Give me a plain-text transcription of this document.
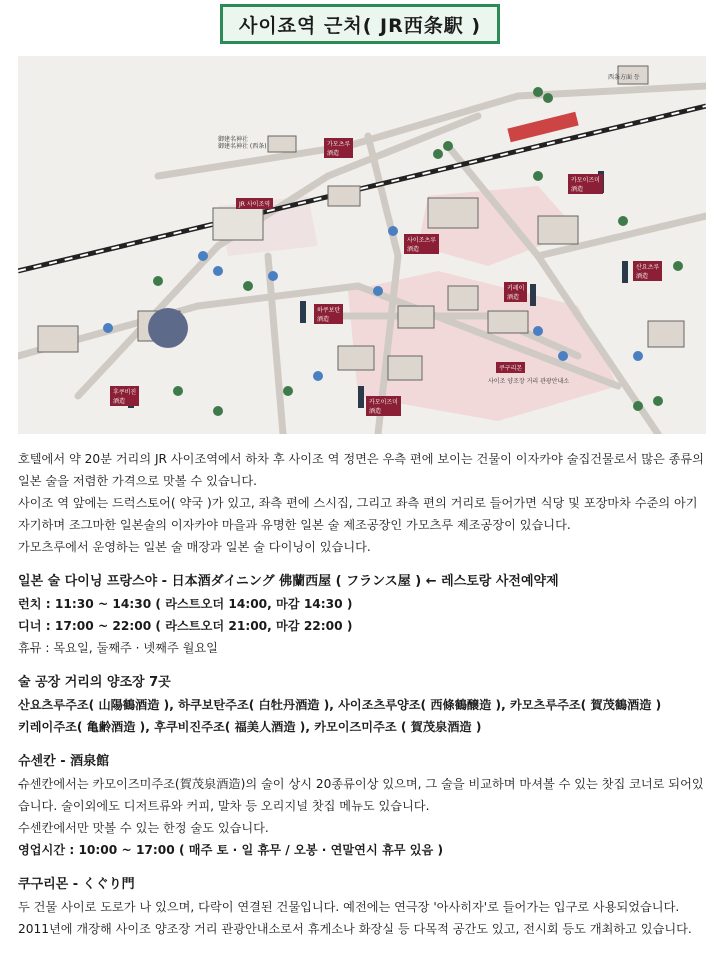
사이죠역 근처( JR西条駅 )
JR 사이조역
御建名神社
御建名神社 (西条)
西条方面 등
가모츠루
酒造
카모이즈미
酒造
산요츠루
酒造
키레이
酒造
하쿠보탄
酒造
사이조츠루
酒造
후쿠비진
酒造	카모이즈미
酒造
쿠구리몬
사이조 양조장 거리 관광안내소

호텔에서 약 20분 거리의 JR 사이조역에서 하차 후 사이조 역 정면은 우측 편에 보이는 건물이 이자카야 술집건물로서 많은 종류의 일본 술을 저렴한 가격으로 맛볼 수 있습니다.

사이조 역 앞에는 드럭스토어( 약국 )가 있고, 좌측 편에 스시집, 그리고 좌측 편의 거리로 들어가면 식당 및 포장마차 수준의 아기자기하며 조그마한 일본술의 이자카야 마을과 유명한 일본 술 제조공장인 가모츠루 제조공장이 있습니다.

가모츠루에서 운영하는 일본 술 매장과 일본 술 다이닝이 있습니다.

일본 술 다이닝 프랑스야 - 日本酒ダイニング 佛蘭西屋 ( フランス屋 ) ← 레스토랑 사전예약제

런치 : 11:30 ~ 14:30 ( 라스트오더 14:00, 마감 14:30 )

디너 : 17:00 ~ 22:00 ( 라스트오더 21:00, 마감 22:00 )

휴뮤 : 목요일, 둘째주 · 넷째주 월요일

술 공장 거리의 양조장 7곳

산요츠루주조( 山陽鶴酒造 ), 하쿠보탄주조( 白牡丹酒造 ), 사이조츠루양조( 西條鶴醸造 ), 카모츠루주조( 賀茂鶴酒造 )

키레이주조( 亀齢酒造 ), 후쿠비진주조( 福美人酒造 ), 카모이즈미주조 ( 賀茂泉酒造 )

슈센칸 - 酒泉館

슈센칸에서는 카모이즈미주조(賀茂泉酒造)의 술이 상시 20종류이상 있으며, 그 술을 비교하며 마셔볼 수 있는 찻집 코너로 되어있습니다. 술이외에도 디저트류와 커피, 말차 등 오리지널 찻집 메뉴도 있습니다.

수센칸에서만 맛볼 수 있는 한정 술도 있습니다.

영업시간 : 10:00 ~ 17:00 ( 매주 토 · 일 휴무 / 오봉 · 연말연시 휴무 있음 )

쿠구리몬 - くぐり門

두 건물 사이로 도로가 나 있으며, 다락이 연결된 건물입니다. 예전에는 연극장 '아사히자'로 들어가는 입구로 사용되었습니다. 2011년에 개장해 사이조 양조장 거리 관광안내소로서 휴게소나 화장실 등 다목적 공간도 있고, 전시회 등도 개최하고 있습니다.
